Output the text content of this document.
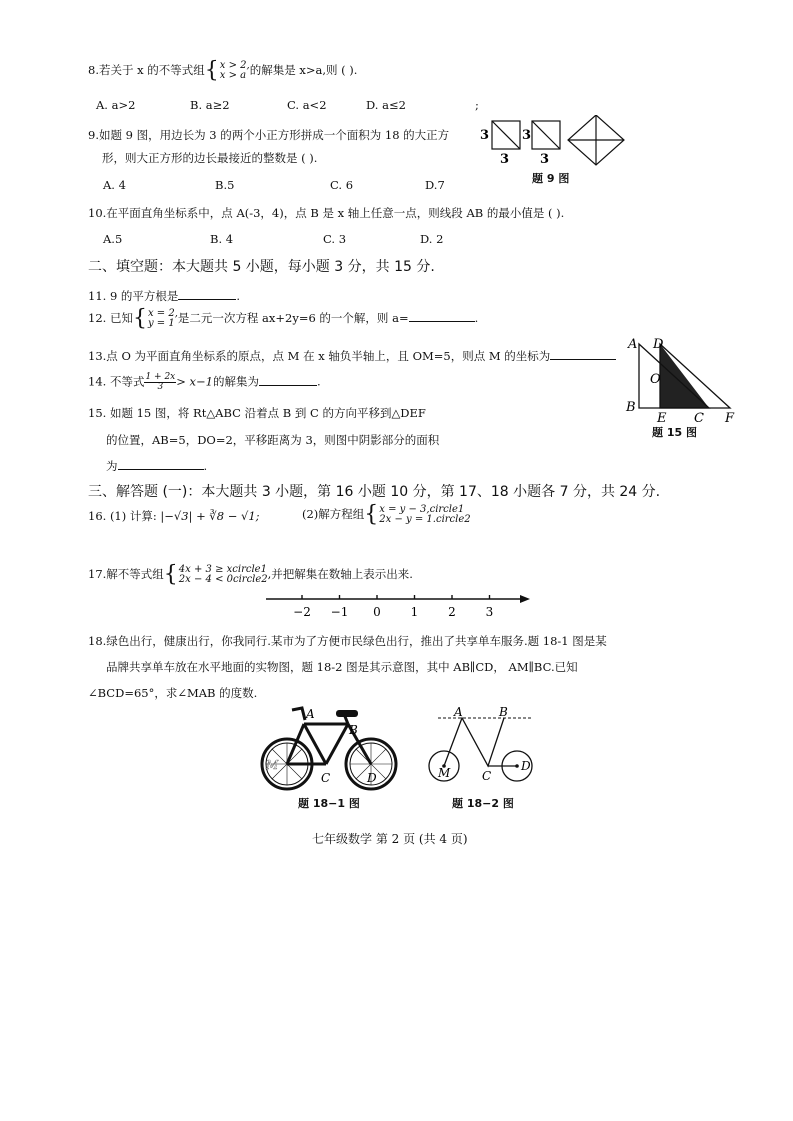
8.若关于 x 的不等式组{x > 2,
x > a 的解集是 x>a,则 ( ).
A. a>2	B. a≥2	C. a<2	D. a≤2	;
9.如题 9 图，用边长为 3 的两个小正方形拼成一个面积为 18 的大正方
形，则大正方形的边长最接近的整数是 ( ).
A. 4	B.5	C. 6	D.7
3
3
3
3
题 9 图
10.在平面直角坐标系中，点 A(-3，4)，点 B 是 x 轴上任意一点，则线段 AB 的最小值是 ( ).
A.5	B. 4	C. 3	D. 2
二、填空题：本大题共 5 小题，每小题 3 分，共 15 分.
11. 9 的平方根是	.
12. 已知{x = 2,
y = 1 是二元一次方程 ax+2y=6 的一个解，则 a=	.
13.点 O 为平面直角坐标系的原点，点 M 在 x 轴负半轴上，且 OM=5，则点 M 的坐标为
14. 不等式 $\frac{1 + 2x}{3} > x-1$的解集为	.
15. 如题 15 图，将 Rt△ABC 沿着点 B 到 C 的方向平移到△DEF
的位置，AB=5，DO=2，平移距离为 3，则图中阴影部分的面积
为	.
A D
O
B
E C F
题 15 图
三、解答题 (一)：本大题共 3 小题，第 16 小题 10 分，第 17、18 小题各 7 分，共 24 分.
16. (1) 计算: |−√3| + ∛8 − √1;	(2)解方程组{x = y − 3,circle1
2x − y = 1.circle2
17.解不等式组{4x + 3 ≥ xcircle1
2x − 4 < 0circle2,并把解集在数轴上表示出来.
−2 −1 0 1 2 3
18.绿色出行，健康出行，你我同行.某市为了方便市民绿色出行，推出了共享单车服务.题 18-1 图是某
品牌共享单车放在水平地面的实物图，题 18-2 图是其示意图，其中 AB∥CD， AM∥BC.已知
∠BCD=65°，求∠MAB 的度数.
A
B
M
C	D
题 18−1 图
A	B
M	C
D
题 18−2 图
七年级数学 第 2 页 (共 4 页)
